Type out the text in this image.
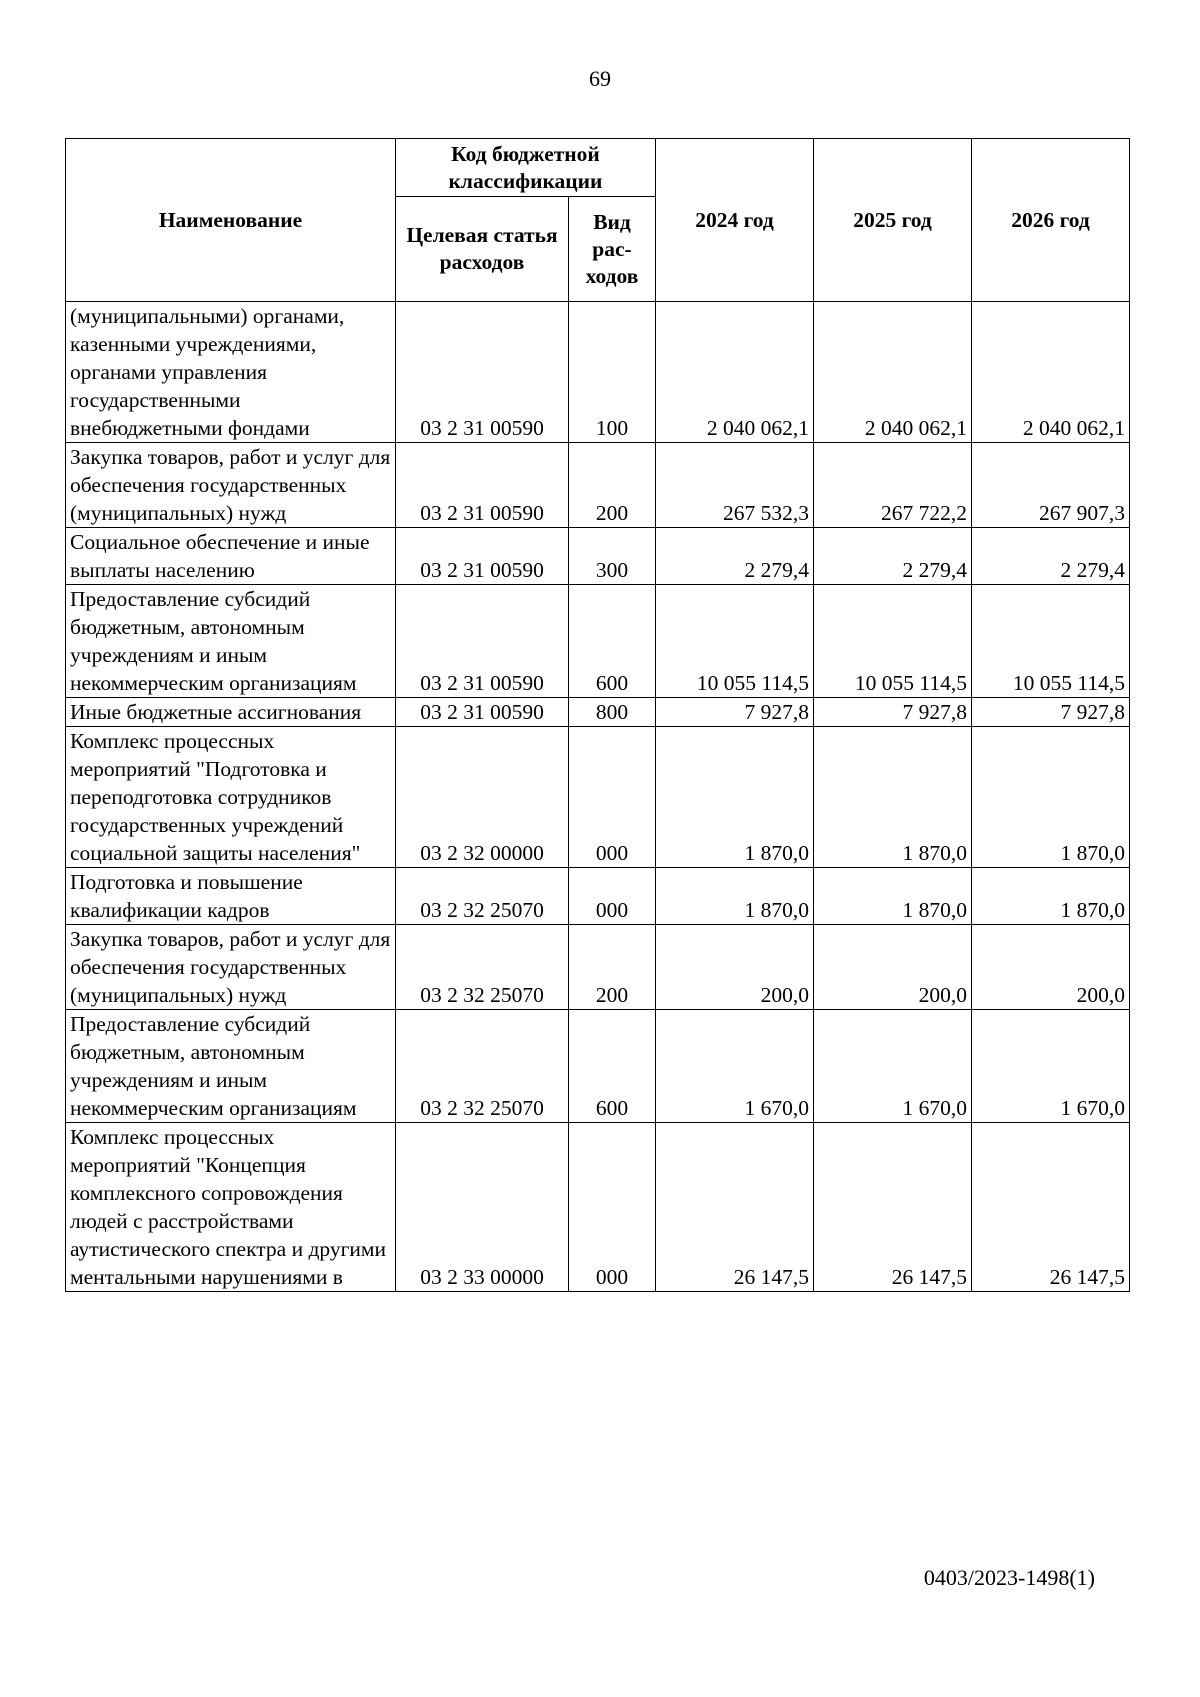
69
Наименование	Код бюджетной классификации		2024 год	2025 год	2026 год
	Целевая статья расходов	Вид рас-ходов			
(муниципальными) органами, казенными учреждениями, органами управления государственными внебюджетными фондами	03 2 31 00590	100	2 040 062,1	2 040 062,1	2 040 062,1
Закупка товаров, работ и услуг для обеспечения государственных (муниципальных) нужд	03 2 31 00590	200	267 532,3	267 722,2	267 907,3
Социальное обеспечение и иные выплаты населению	03 2 31 00590	300	2 279,4	2 279,4	2 279,4
Предоставление субсидий бюджетным, автономным учреждениям и иным некоммерческим организациям	03 2 31 00590	600	10 055 114,5	10 055 114,5	10 055 114,5
Иные бюджетные ассигнования	03 2 31 00590	800	7 927,8	7 927,8	7 927,8
Комплекс процессных мероприятий "Подготовка и переподготовка сотрудников государственных учреждений социальной защиты населения"	03 2 32 00000	000	1 870,0	1 870,0	1 870,0
Подготовка и повышение квалификации кадров	03 2 32 25070	000	1 870,0	1 870,0	1 870,0
Закупка товаров, работ и услуг для обеспечения государственных (муниципальных) нужд	03 2 32 25070	200	200,0	200,0	200,0
Предоставление субсидий бюджетным, автономным учреждениям и иным некоммерческим организациям	03 2 32 25070	600	1 670,0	1 670,0	1 670,0
Комплекс процессных мероприятий "Концепция комплексного сопровождения людей с расстройствами аутистического спектра и другими ментальными нарушениями в	03 2 33 00000	000	26 147,5	26 147,5	26 147,5
0403/2023-1498(1)
